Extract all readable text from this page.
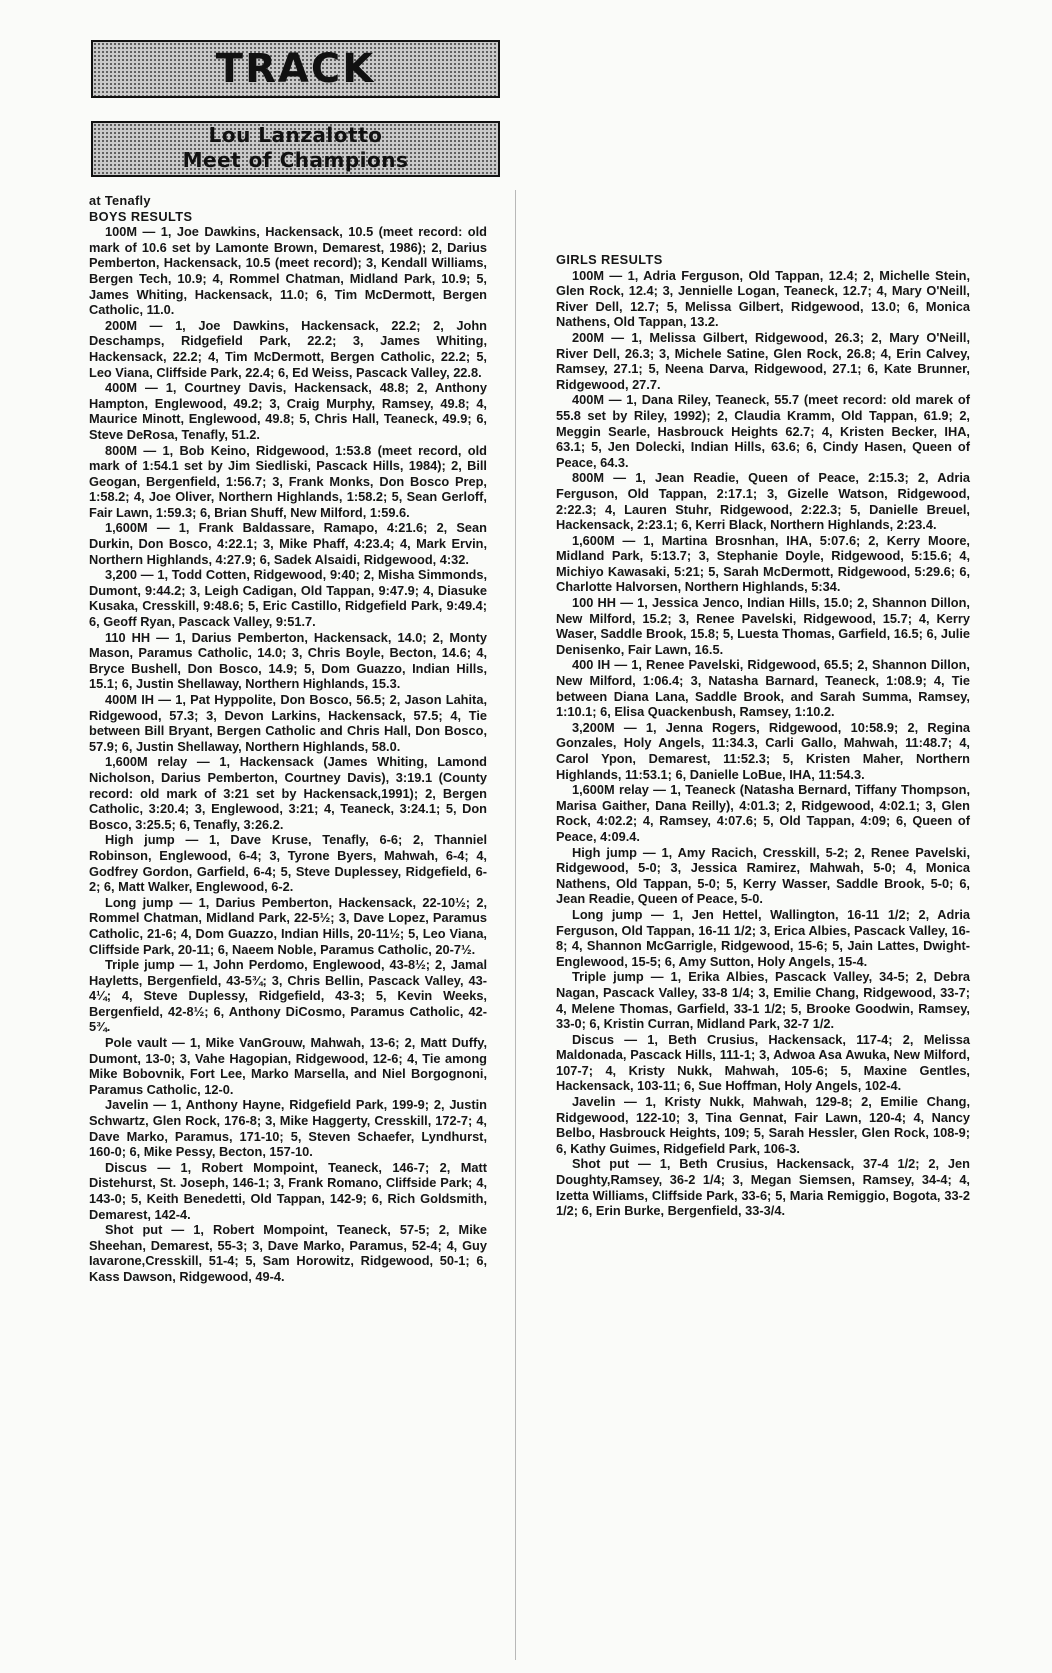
TRACK
Lou Lanzalotto
Meet of Champions
at Tenafly
BOYS RESULTS

100M — 1, Joe Dawkins, Hackensack, 10.5 (meet record: old mark of 10.6 set by Lamonte Brown, Demarest, 1986); 2, Darius Pemberton, Hackensack, 10.5 (meet record); 3, Kendall Williams, Bergen Tech, 10.9; 4, Rommel Chatman, Midland Park, 10.9; 5, James Whiting, Hackensack, 11.0; 6, Tim McDermott, Bergen Catholic, 11.0.

200M — 1, Joe Dawkins, Hackensack, 22.2; 2, John Deschamps, Ridgefield Park, 22.2; 3, James Whiting, Hackensack, 22.2; 4, Tim McDermott, Bergen Catholic, 22.2; 5, Leo Viana, Cliffside Park, 22.4; 6, Ed Weiss, Pascack Valley, 22.8.

400M — 1, Courtney Davis, Hackensack, 48.8; 2, Anthony Hampton, Englewood, 49.2; 3, Craig Murphy, Ramsey, 49.8; 4, Maurice Minott, Englewood, 49.8; 5, Chris Hall, Teaneck, 49.9; 6, Steve DeRosa, Tenafly, 51.2.

800M — 1, Bob Keino, Ridgewood, 1:53.8 (meet record, old mark of 1:54.1 set by Jim Siedliski, Pascack Hills, 1984); 2, Bill Geogan, Bergenfield, 1:56.7; 3, Frank Monks, Don Bosco Prep, 1:58.2; 4, Joe Oliver, Northern Highlands, 1:58.2; 5, Sean Gerloff, Fair Lawn, 1:59.3; 6, Brian Shuff, New Milford, 1:59.6.

1,600M — 1, Frank Baldassare, Ramapo, 4:21.6; 2, Sean Durkin, Don Bosco, 4:22.1; 3, Mike Phaff, 4:23.4; 4, Mark Ervin, Northern Highlands, 4:27.9; 6, Sadek Alsaidi, Ridgewood, 4:32.

3,200 — 1, Todd Cotten, Ridgewood, 9:40; 2, Misha Simmonds, Dumont, 9:44.2; 3, Leigh Cadigan, Old Tappan, 9:47.9; 4, Diasuke Kusaka, Cresskill, 9:48.6; 5, Eric Castillo, Ridgefield Park, 9:49.4; 6, Geoff Ryan, Pascack Valley, 9:51.7.

110 HH — 1, Darius Pemberton, Hackensack, 14.0; 2, Monty Mason, Paramus Catholic, 14.0; 3, Chris Boyle, Becton, 14.6; 4, Bryce Bushell, Don Bosco, 14.9; 5, Dom Guazzo, Indian Hills, 15.1; 6, Justin Shellaway, Northern Highlands, 15.3.

400M IH — 1, Pat Hyppolite, Don Bosco, 56.5; 2, Jason Lahita, Ridgewood, 57.3; 3, Devon Larkins, Hackensack, 57.5; 4, Tie between Bill Bryant, Bergen Catholic and Chris Hall, Don Bosco, 57.9; 6, Justin Shellaway, Northern Highlands, 58.0.

1,600M relay — 1, Hackensack (James Whiting, Lamond Nicholson, Darius Pemberton, Courtney Davis), 3:19.1 (County record: old mark of 3:21 set by Hackensack,1991); 2, Bergen Catholic, 3:20.4; 3, Englewood, 3:21; 4, Teaneck, 3:24.1; 5, Don Bosco, 3:25.5; 6, Tenafly, 3:26.2.

High jump — 1, Dave Kruse, Tenafly, 6-6; 2, Thanniel Robinson, Englewood, 6-4; 3, Tyrone Byers, Mahwah, 6-4; 4, Godfrey Gordon, Garfield, 6-4; 5, Steve Duplessey, Ridgefield, 6-2; 6, Matt Walker, Englewood, 6-2.

Long jump — 1, Darius Pemberton, Hackensack, 22-10½; 2, Rommel Chatman, Midland Park, 22-5½; 3, Dave Lopez, Paramus Catholic, 21-6; 4, Dom Guazzo, Indian Hills, 20-11½; 5, Leo Viana, Cliffside Park, 20-11; 6, Naeem Noble, Paramus Catholic, 20-7½.

Triple jump — 1, John Perdomo, Englewood, 43-8½; 2, Jamal Hayletts, Bergenfield, 43-5¾; 3, Chris Bellin, Pascack Valley, 43-4¼; 4, Steve Duplessy, Ridgefield, 43-3; 5, Kevin Weeks, Bergenfield, 42-8½; 6, Anthony DiCosmo, Paramus Catholic, 42-5¾.

Pole vault — 1, Mike VanGrouw, Mahwah, 13-6; 2, Matt Duffy, Dumont, 13-0; 3, Vahe Hagopian, Ridgewood, 12-6; 4, Tie among Mike Bobovnik, Fort Lee, Marko Marsella, and Niel Borgognoni, Paramus Catholic, 12-0.

Javelin — 1, Anthony Hayne, Ridgefield Park, 199-9; 2, Justin Schwartz, Glen Rock, 176-8; 3, Mike Haggerty, Cresskill, 172-7; 4, Dave Marko, Paramus, 171-10; 5, Steven Schaefer, Lyndhurst, 160-0; 6, Mike Pessy, Becton, 157-10.

Discus — 1, Robert Mompoint, Teaneck, 146-7; 2, Matt Distehurst, St. Joseph, 146-1; 3, Frank Romano, Cliffside Park; 4, 143-0; 5, Keith Benedetti, Old Tappan, 142-9; 6, Rich Goldsmith, Demarest, 142-4.

Shot put — 1, Robert Mompoint, Teaneck, 57-5; 2, Mike Sheehan, Demarest, 55-3; 3, Dave Marko, Paramus, 52-4; 4, Guy Iavarone,Cresskill, 51-4; 5, Sam Horowitz, Ridgewood, 50-1; 6, Kass Dawson, Ridgewood, 49-4.

GIRLS RESULTS

100M — 1, Adria Ferguson, Old Tappan, 12.4; 2, Michelle Stein, Glen Rock, 12.4; 3, Jennielle Logan, Teaneck, 12.7; 4, Mary O'Neill, River Dell, 12.7; 5, Melissa Gilbert, Ridgewood, 13.0; 6, Monica Nathens, Old Tappan, 13.2.

200M — 1, Melissa Gilbert, Ridgewood, 26.3; 2, Mary O'Neill, River Dell, 26.3; 3, Michele Satine, Glen Rock, 26.8; 4, Erin Calvey, Ramsey, 27.1; 5, Neena Darva, Ridgewood, 27.1; 6, Kate Brunner, Ridgewood, 27.7.

400M — 1, Dana Riley, Teaneck, 55.7 (meet record: old marek of 55.8 set by Riley, 1992); 2, Claudia Kramm, Old Tappan, 61.9; 2, Meggin Searle, Hasbrouck Heights 62.7; 4, Kristen Becker, IHA, 63.1; 5, Jen Dolecki, Indian Hills, 63.6; 6, Cindy Hasen, Queen of Peace, 64.3.

800M — 1, Jean Readie, Queen of Peace, 2:15.3; 2, Adria Ferguson, Old Tappan, 2:17.1; 3, Gizelle Watson, Ridgewood, 2:22.3; 4, Lauren Stuhr, Ridgewood, 2:22.3; 5, Danielle Breuel, Hackensack, 2:23.1; 6, Kerri Black, Northern Highlands, 2:23.4.

1,600M — 1, Martina Brosnhan, IHA, 5:07.6; 2, Kerry Moore, Midland Park, 5:13.7; 3, Stephanie Doyle, Ridgewood, 5:15.6; 4, Michiyo Kawasaki, 5:21; 5, Sarah McDermott, Ridgewood, 5:29.6; 6, Charlotte Halvorsen, Northern Highlands, 5:34.

100 HH — 1, Jessica Jenco, Indian Hills, 15.0; 2, Shannon Dillon, New Milford, 15.2; 3, Renee Pavelski, Ridgewood, 15.7; 4, Kerry Waser, Saddle Brook, 15.8; 5, Luesta Thomas, Garfield, 16.5; 6, Julie Denisenko, Fair Lawn, 16.5.

400 IH — 1, Renee Pavelski, Ridgewood, 65.5; 2, Shannon Dillon, New Milford, 1:06.4; 3, Natasha Barnard, Teaneck, 1:08.9; 4, Tie between Diana Lana, Saddle Brook, and Sarah Summa, Ramsey, 1:10.1; 6, Elisa Quackenbush, Ramsey, 1:10.2.

3,200M — 1, Jenna Rogers, Ridgewood, 10:58.9; 2, Regina Gonzales, Holy Angels, 11:34.3, Carli Gallo, Mahwah, 11:48.7; 4, Carol Ypon, Demarest, 11:52.3; 5, Kristen Maher, Northern Highlands, 11:53.1; 6, Danielle LoBue, IHA, 11:54.3.

1,600M relay — 1, Teaneck (Natasha Bernard, Tiffany Thompson, Marisa Gaither, Dana Reilly), 4:01.3; 2, Ridgewood, 4:02.1; 3, Glen Rock, 4:02.2; 4, Ramsey, 4:07.6; 5, Old Tappan, 4:09; 6, Queen of Peace, 4:09.4.

High jump — 1, Amy Racich, Cresskill, 5-2; 2, Renee Pavelski, Ridgewood, 5-0; 3, Jessica Ramirez, Mahwah, 5-0; 4, Monica Nathens, Old Tappan, 5-0; 5, Kerry Wasser, Saddle Brook, 5-0; 6, Jean Readie, Queen of Peace, 5-0.

Long jump — 1, Jen Hettel, Wallington, 16-11 1/2; 2, Adria Ferguson, Old Tappan, 16-11 1/2; 3, Erica Albies, Pascack Valley, 16-8; 4, Shannon McGarrigle, Ridgewood, 15-6; 5, Jain Lattes, Dwight-Englewood, 15-5; 6, Amy Sutton, Holy Angels, 15-4.

Triple jump — 1, Erika Albies, Pascack Valley, 34-5; 2, Debra Nagan, Pascack Valley, 33-8 1/4; 3, Emilie Chang, Ridgewood, 33-7; 4, Melene Thomas, Garfield, 33-1 1/2; 5, Brooke Goodwin, Ramsey, 33-0; 6, Kristin Curran, Midland Park, 32-7 1/2.

Discus — 1, Beth Crusius, Hackensack, 117-4; 2, Melissa Maldonada, Pascack Hills, 111-1; 3, Adwoa Asa Awuka, New Milford, 107-7; 4, Kristy Nukk, Mahwah, 105-6; 5, Maxine Gentles, Hackensack, 103-11; 6, Sue Hoffman, Holy Angels, 102-4.

Javelin — 1, Kristy Nukk, Mahwah, 129-8; 2, Emilie Chang, Ridgewood, 122-10; 3, Tina Gennat, Fair Lawn, 120-4; 4, Nancy Belbo, Hasbrouck Heights, 109; 5, Sarah Hessler, Glen Rock, 108-9; 6, Kathy Guimes, Ridgefield Park, 106-3.

Shot put — 1, Beth Crusius, Hackensack, 37-4 1/2; 2, Jen Doughty,Ramsey, 36-2 1/4; 3, Megan Siemsen, Ramsey, 34-4; 4, Izetta Williams, Cliffside Park, 33-6; 5, Maria Remiggio, Bogota, 33-2 1/2; 6, Erin Burke, Bergenfield, 33-3/4.
